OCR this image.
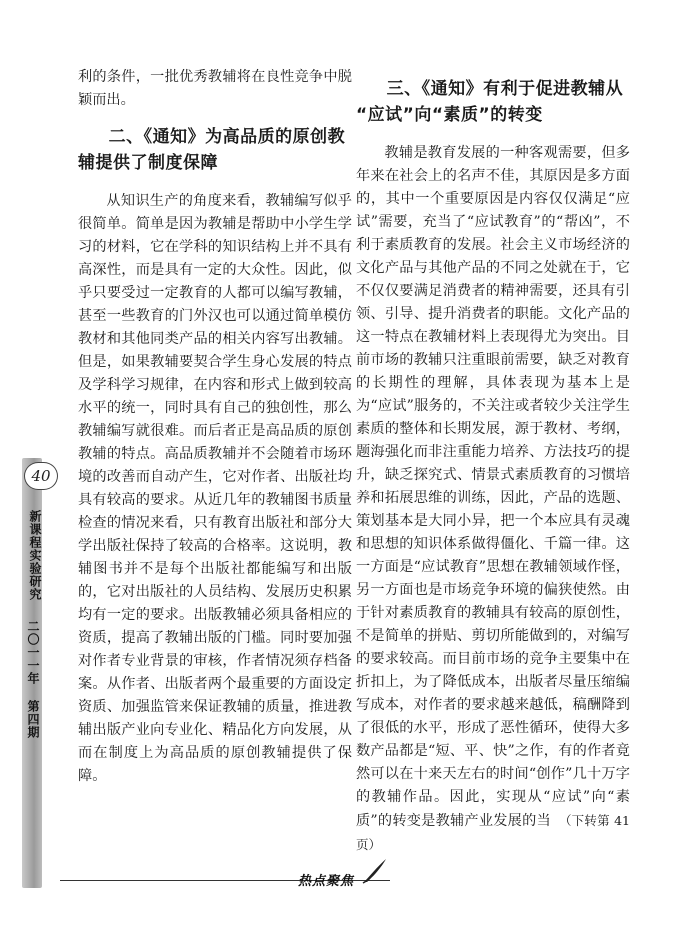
40
新课程实验研究
二〇一一年 第四期

利的条件，一批优秀教辅将在良性竞争中脱颖而出。

二、《通知》为高品质的原创教
辅提供了制度保障

从知识生产的角度来看，教辅编写似乎很简单。简单是因为教辅是帮助中小学生学习的材料，它在学科的知识结构上并不具有高深性，而是具有一定的大众性。因此，似乎只要受过一定教育的人都可以编写教辅，甚至一些教育的门外汉也可以通过简单模仿教材和其他同类产品的相关内容写出教辅。但是，如果教辅要契合学生身心发展的特点及学科学习规律，在内容和形式上做到较高水平的统一，同时具有自己的独创性，那么教辅编写就很难。而后者正是高品质的原创教辅的特点。高品质教辅并不会随着市场环境的改善而自动产生，它对作者、出版社均具有较高的要求。从近几年的教辅图书质量检查的情况来看，只有教育出版社和部分大学出版社保持了较高的合格率。这说明，教辅图书并不是每个出版社都能编写和出版的，它对出版社的人员结构、发展历史积累均有一定的要求。出版教辅必须具备相应的资质，提高了教辅出版的门槛。同时要加强对作者专业背景的审核，作者情况须存档备案。从作者、出版者两个最重要的方面设定资质、加强监管来保证教辅的质量，推进教辅出版产业向专业化、精品化方向发展，从而在制度上为高品质的原创教辅提供了保障。

三、《通知》有利于促进教辅从
“应试”向“素质”的转变

教辅是教育发展的一种客观需要，但多年来在社会上的名声不佳，其原因是多方面的，其中一个重要原因是内容仅仅满足“应试”需要，充当了“应试教育”的“帮凶”，不利于素质教育的发展。社会主义市场经济的文化产品与其他产品的不同之处就在于，它不仅仅要满足消费者的精神需要，还具有引领、引导、提升消费者的职能。文化产品的这一特点在教辅材料上表现得尤为突出。目前市场的教辅只注重眼前需要，缺乏对教育的长期性的理解，具体表现为基本上是为“应试”服务的，不关注或者较少关注学生素质的整体和长期发展，源于教材、考纲，题海强化而非注重能力培养、方法技巧的提升，缺乏探究式、情景式素质教育的习惯培养和拓展思维的训练，因此，产品的选题、策划基本是大同小异，把一个本应具有灵魂和思想的知识体系做得僵化、千篇一律。这一方面是“应试教育”思想在教辅领域作怪，另一方面也是市场竞争环境的偏狭使然。由于针对素质教育的教辅具有较高的原创性，不是简单的拼贴、剪切所能做到的，对编写的要求较高。而目前市场的竞争主要集中在折扣上，为了降低成本，出版者尽量压缩编写成本，对作者的要求越来越低，稿酬降到了很低的水平，形成了恶性循环，使得大多数产品都是“短、平、快”之作，有的作者竟然可以在十来天左右的时间“创作”几十万字的教辅作品。因此，实现从“应试”向“素质”的转变是教辅产业发展的当 （下转第 41 页）

热点聚焦
